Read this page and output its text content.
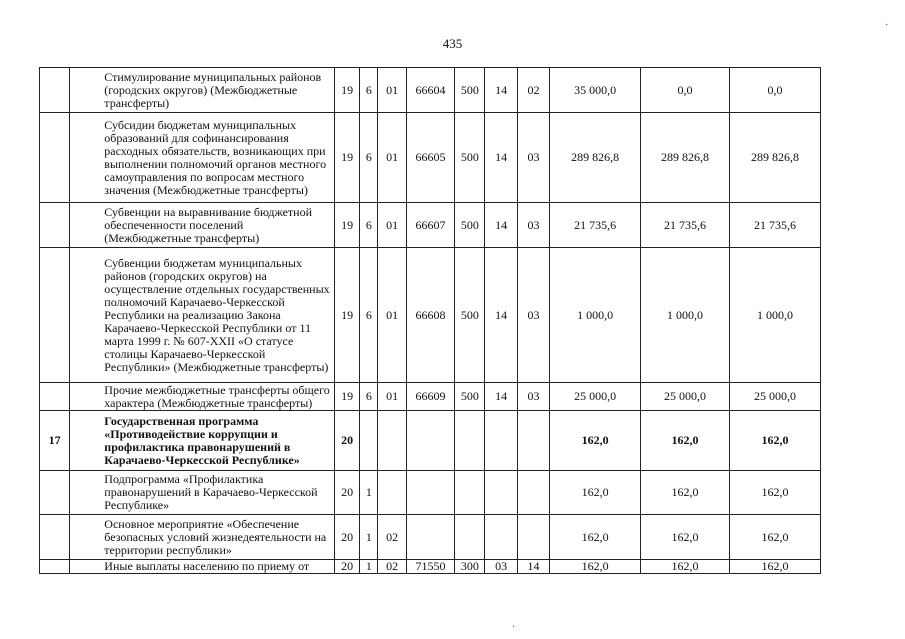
435
	Стимулирование муниципальных районов (городских округов) (Межбюджетные трансферты)	19	6	01	66604	500	14	02	35 000,0	0,0	0,0
	Субсидии бюджетам муниципальных образований для софинансирования расходных обязательств, возникающих при выполнении полномочий органов местного самоуправления по вопросам местного значения (Межбюджетные трансферты)	19	6	01	66605	500	14	03	289 826,8	289 826,8	289 826,8
	Субвенции на выравнивание бюджетной обеспеченности поселений (Межбюджетные трансферты)	19	6	01	66607	500	14	03	21 735,6	21 735,6	21 735,6
	Субвенции бюджетам муниципальных районов (городских округов) на осуществление отдельных государственных полномочий Карачаево-Черкесской Республики на реализацию Закона Карачаево-Черкесской Республики от 11 марта 1999 г. № 607-XXII «О статусе столицы Карачаево-Черкесской Республики» (Межбюджетные трансферты)	19	6	01	66608	500	14	03	1 000,0	1 000,0	1 000,0
	Прочие межбюджетные трансферты общего характера (Межбюджетные трансферты)	19	6	01	66609	500	14	03	25 000,0	25 000,0	25 000,0
17	Государственная программа «Противодействие коррупции и профилактика правонарушений в Карачаево-Черкесской Республике»	20							162,0	162,0	162,0
	Подпрограмма «Профилактика правонарушений в Карачаево-Черкесской Республике»	20	1						162,0	162,0	162,0
	Основное мероприятие «Обеспечение безопасных условий жизнедеятельности на территории республики»	20	1	02					162,0	162,0	162,0
	Иные выплаты населению по приему от	20	1	02	71550	300	03	14	162,0	162,0	162,0
·
·
